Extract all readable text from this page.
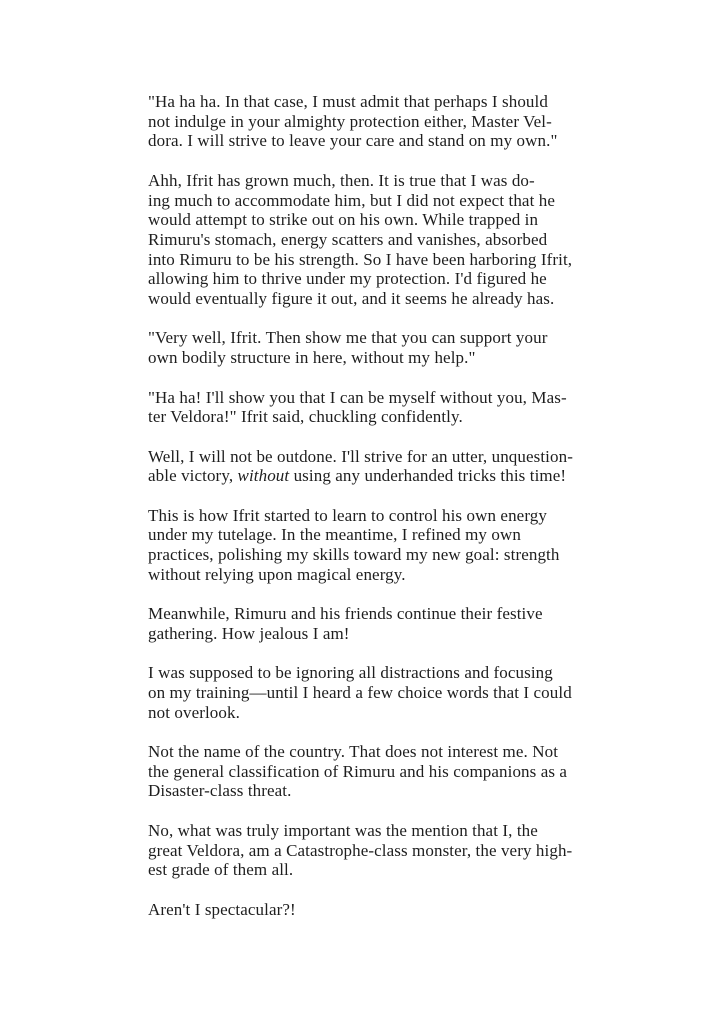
"Ha ha ha. In that case, I must admit that perhaps I should
not indulge in your almighty protection either, Master Vel-
dora. I will strive to leave your care and stand on my own."

Ahh, Ifrit has grown much, then. It is true that I was do-
ing much to accommodate him, but I did not expect that he
would attempt to strike out on his own. While trapped in
Rimuru's stomach, energy scatters and vanishes, absorbed
into Rimuru to be his strength. So I have been harboring Ifrit,
allowing him to thrive under my protection. I'd figured he
would eventually figure it out, and it seems he already has.

"Very well, Ifrit. Then show me that you can support your
own bodily structure in here, without my help."

"Ha ha! I'll show you that I can be myself without you, Mas-
ter Veldora!" Ifrit said, chuckling confidently.

Well, I will not be outdone. I'll strive for an utter, unquestion-
able victory, without using any underhanded tricks this time!

This is how Ifrit started to learn to control his own energy
under my tutelage. In the meantime, I refined my own
practices, polishing my skills toward my new goal: strength
without relying upon magical energy.

Meanwhile, Rimuru and his friends continue their festive
gathering. How jealous I am!

I was supposed to be ignoring all distractions and focusing
on my training—until I heard a few choice words that I could
not overlook.

Not the name of the country. That does not interest me. Not
the general classification of Rimuru and his companions as a
Disaster-class threat.

No, what was truly important was the mention that I, the
great Veldora, am a Catastrophe-class monster, the very high-
est grade of them all.

Aren't I spectacular?!
